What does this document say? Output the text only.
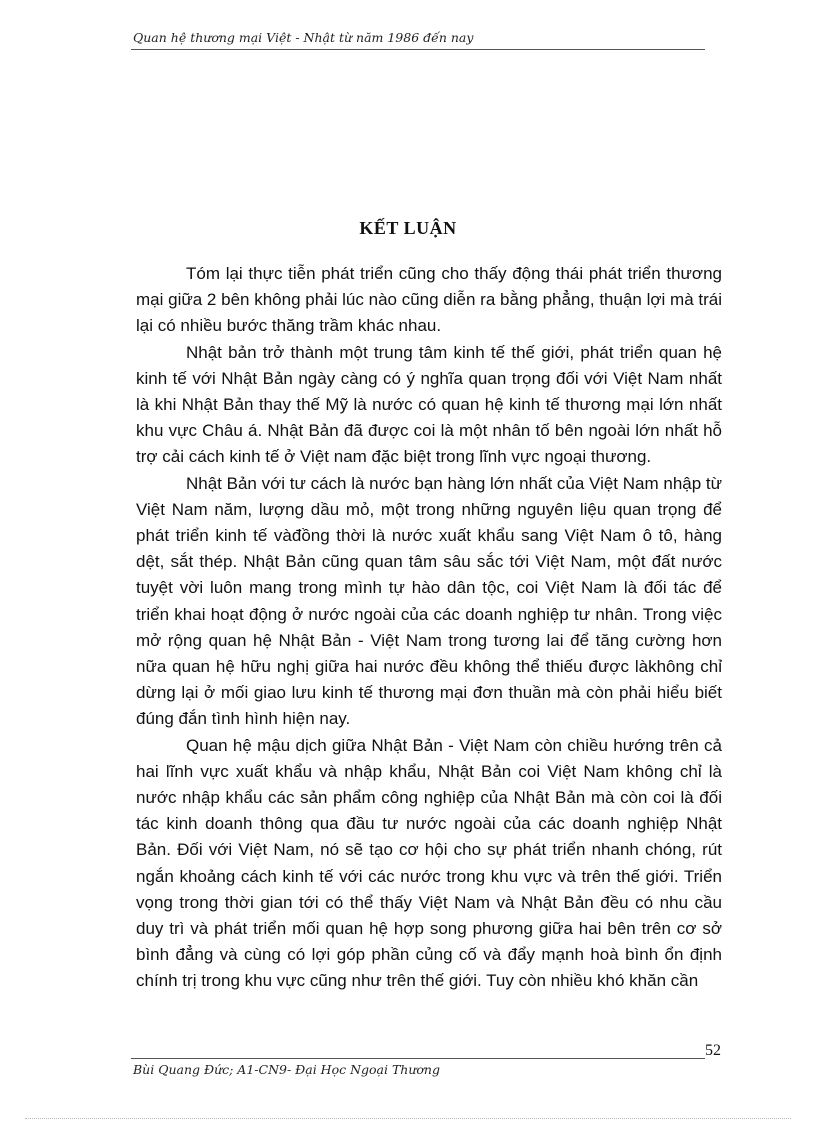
Quan hệ thương mại Việt - Nhật từ năm 1986 đến nay
KẾT LUẬN

Tóm lại thực tiễn phát triển cũng cho thấy động thái phát triển thương mại giữa 2 bên không phải lúc nào cũng diễn ra bằng phẳng, thuận lợi mà trái lại có nhiều bước thăng trầm khác nhau.

Nhật bản trở thành một trung tâm kinh tế thế giới, phát triển quan hệ kinh tế với Nhật Bản ngày càng có ý nghĩa quan trọng đối với Việt Nam nhất là khi Nhật Bản thay thế Mỹ là nước có quan hệ kinh tế thương mại lớn nhất khu vực Châu á. Nhật Bản đã được coi là một nhân tố bên ngoài lớn nhất hỗ trợ cải cách kinh tế ở Việt nam đặc biệt trong lĩnh vực ngoại thương.

Nhật Bản với tư cách là nước bạn hàng lớn nhất của Việt Nam nhập từ Việt Nam năm, lượng dầu mỏ, một trong những nguyên liệu quan trọng để phát triển kinh tế vàđồng thời là nước xuất khẩu sang Việt Nam ô tô, hàng dệt, sắt thép. Nhật Bản cũng quan tâm sâu sắc tới Việt Nam, một đất nước tuyệt vời luôn mang trong mình tự hào dân tộc, coi Việt Nam là đối tác để triển khai hoạt động ở nước ngoài của các doanh nghiệp tư nhân. Trong việc mở rộng quan hệ Nhật Bản - Việt Nam trong tương lai để tăng cường hơn nữa quan hệ hữu nghị giữa hai nước đều không thể thiếu được làkhông chỉ dừng lại ở mối giao lưu kinh tế thương mại đơn thuần mà còn phải hiểu biết đúng đắn tình hình hiện nay.

Quan hệ mậu dịch giữa Nhật Bản - Việt Nam còn chiều hướng trên cả hai lĩnh vực xuất khẩu và nhập khẩu, Nhật Bản coi Việt Nam không chỉ là nước nhập khẩu các sản phẩm công nghiệp của Nhật Bản mà còn coi là đối tác kinh doanh thông qua đầu tư nước ngoài của các doanh nghiệp Nhật Bản. Đối với Việt Nam, nó sẽ tạo cơ hội cho sự phát triển nhanh chóng, rút ngắn khoảng cách kinh tế với các nước trong khu vực và trên thế giới. Triển vọng trong thời gian tới có thể thấy Việt Nam và Nhật Bản đều có nhu cầu duy trì và phát triển mối quan hệ hợp song phương giữa hai bên trên cơ sở bình đẳng và cùng có lợi góp phần củng cố và đẩy mạnh hoà bình ổn định chính trị trong khu vực cũng như trên thế giới. Tuy còn nhiều khó khăn cần

52
Bùi Quang Đức; A1-CN9- Đại Học Ngoại Thương
